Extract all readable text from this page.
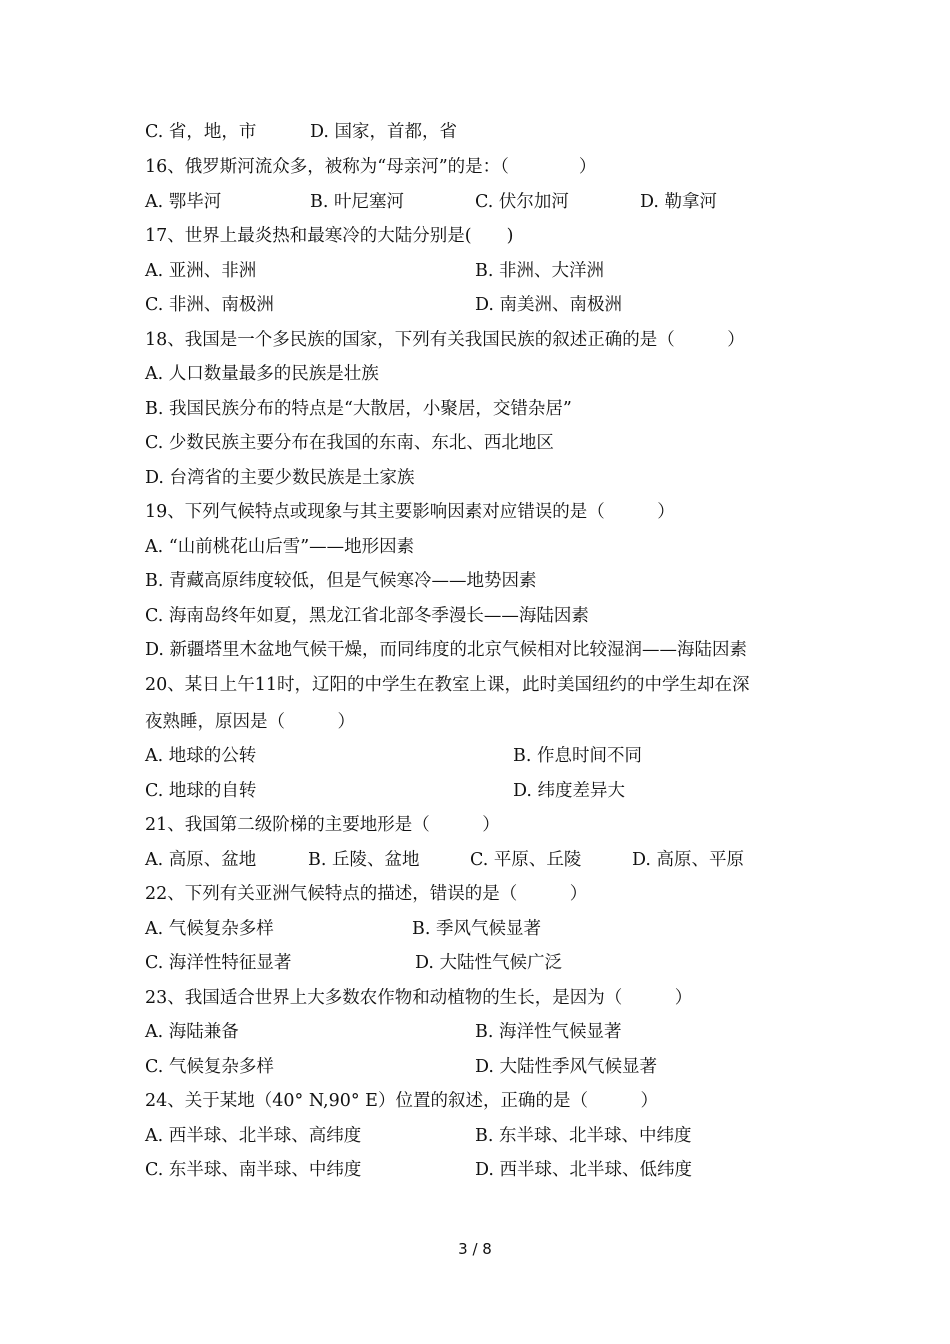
C. 省，地，市	D. 国家，首都，省
16、俄罗斯河流众多，被称为“母亲河”的是：（　　　　）
A. 鄂毕河	B. 叶尼塞河	C. 伏尔加河	D. 勒拿河
17、世界上最炎热和最寒冷的大陆分别是(　　)
A. 亚洲、非洲	B. 非洲、大洋洲
C. 非洲、南极洲	D. 南美洲、南极洲
18、我国是一个多民族的国家，下列有关我国民族的叙述正确的是（　　　）
A. 人口数量最多的民族是壮族
B. 我国民族分布的特点是“大散居，小聚居，交错杂居”
C. 少数民族主要分布在我国的东南、东北、西北地区
D. 台湾省的主要少数民族是土家族
19、下列气候特点或现象与其主要影响因素对应错误的是（　　　）
A. “山前桃花山后雪”——地形因素
B. 青藏高原纬度较低，但是气候寒冷——地势因素
C. 海南岛终年如夏，黑龙江省北部冬季漫长——海陆因素
D. 新疆塔里木盆地气候干燥，而同纬度的北京气候相对比较湿润——海陆因素
20、某日上午11时，辽阳的中学生在教室上课，此时美国纽约的中学生却在深
夜熟睡，原因是（　　　）
A. 地球的公转	B. 作息时间不同
C. 地球的自转	D. 纬度差异大
21、我国第二级阶梯的主要地形是（　　　）
A. 高原、盆地	B. 丘陵、盆地	C. 平原、丘陵	D. 高原、平原
22、下列有关亚洲气候特点的描述，错误的是（　　　）
A. 气候复杂多样	B. 季风气候显著
C. 海洋性特征显著	D. 大陆性气候广泛
23、我国适合世界上大多数农作物和动植物的生长，是因为（　　　）
A. 海陆兼备	B. 海洋性气候显著
C. 气候复杂多样	D. 大陆性季风气候显著
24、关于某地（40° N,90° E）位置的叙述，正确的是（　　　）
A. 西半球、北半球、高纬度	B. 东半球、北半球、中纬度
C. 东半球、南半球、中纬度	D. 西半球、北半球、低纬度
3 / 8
